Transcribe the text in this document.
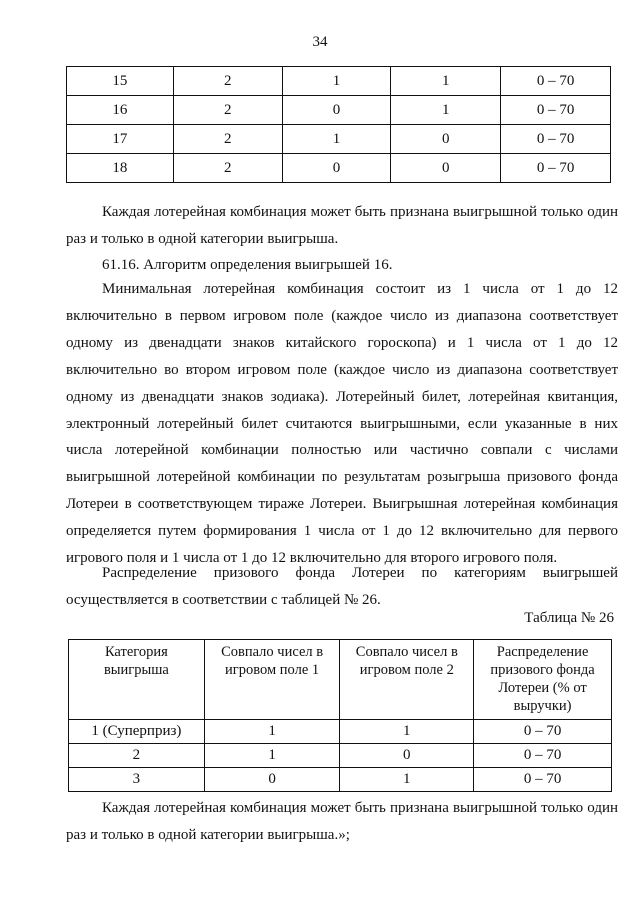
34
15	2	1	1	0 – 70
16	2	0	1	0 – 70
17	2	1	0	0 – 70
18	2	0	0	0 – 70

Каждая лотерейная комбинация может быть признана выигрышной только один раз и только в одной категории выигрыша.

61.16. Алгоритм определения выигрышей 16.

Минимальная лотерейная комбинация состоит из 1 числа от 1 до 12 включительно в первом игровом поле (каждое число из диапазона соответствует одному из двенадцати знаков китайского гороскопа) и 1 числа от 1 до 12 включительно во втором игровом поле (каждое число из диапазона соответствует одному из двенадцати знаков зодиака). Лотерейный билет, лотерейная квитанция, электронный лотерейный билет считаются выигрышными, если указанные в них числа лотерейной комбинации полностью или частично совпали с числами выигрышной лотерейной комбинации по результатам розыгрыша призового фонда Лотереи в соответствующем тираже Лотереи. Выигрышная лотерейная комбинация определяется путем формирования 1 числа от 1 до 12 включительно для первого игрового поля и 1 числа от 1 до 12 включительно для второго игрового поля.

Распределение призового фонда Лотереи по категориям выигрышей осуществляется в соответствии с таблицей № 26.

Таблица № 26
Категория выигрыша	Совпало чисел в игровом поле 1	Совпало чисел в игровом поле 2	Распределение призового фонда Лотереи (% от выручки)
1 (Суперприз)	1	1	0 – 70
2	1	0	0 – 70
3	0	1	0 – 70

Каждая лотерейная комбинация может быть признана выигрышной только один раз и только в одной категории выигрыша.»;
